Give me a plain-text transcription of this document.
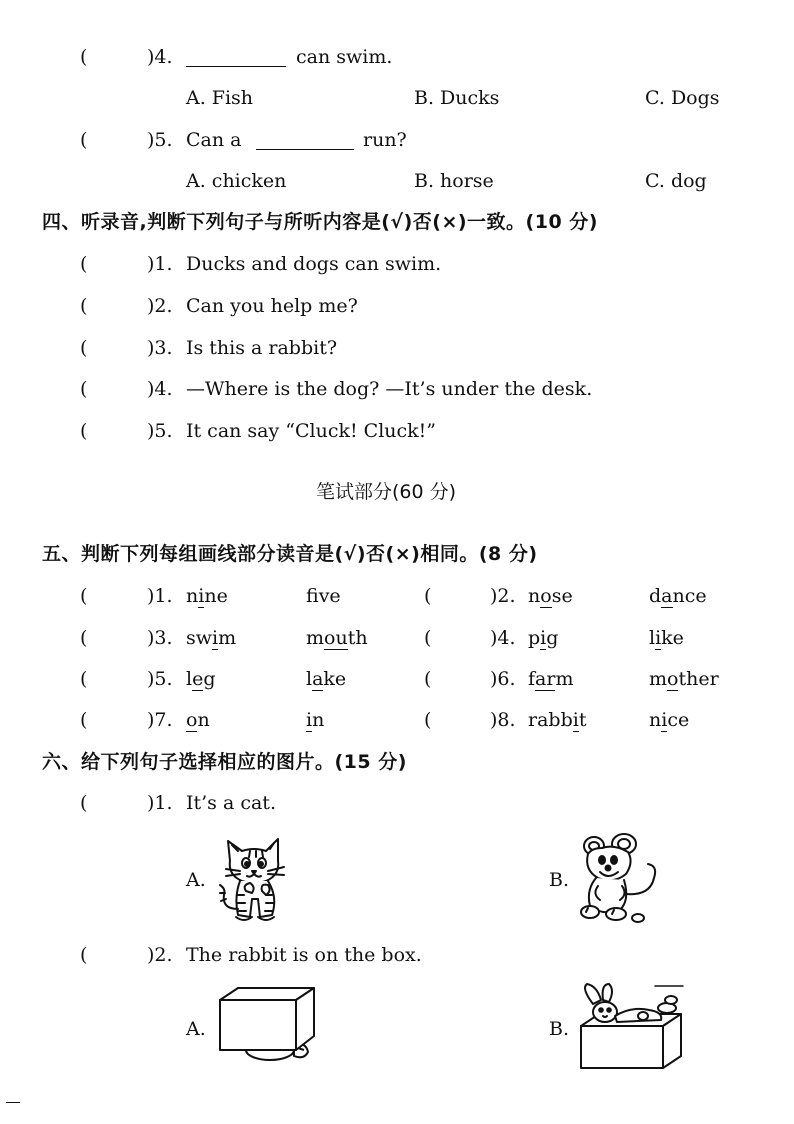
(	)4.	can swim.
A. Fish	B. Ducks	C. Dogs
(	)5. Can a	run?
A. chicken	B. horse	C. dog
四、听录音,判断下列句子与所听内容是(√)否(×)一致。(10 分)
(	)1. Ducks and dogs can swim.
(	)2. Can you help me?
(	)3. Is this a rabbit?
(	)4. —Where is the dog? —It’s under the desk.
(	)5. It can say “Cluck! Cluck!”
笔试部分(60 分)
五、判断下列每组画线部分读音是(√)否(×)相同。(8 分)
(	)1. nine	fve	(	)2. nose	dance
(	)3. swim	mouth	(	)4. pig	like
(	)5. leg	lake	(	)6. farm	mother
(	)7. on	in	(	)8. rabbit	nice
六、给下列句子选择相应的图片。(15 分)
(	)1. It’s a cat.
A.	B.
(	)2. The rabbit is on the box.
A.	B.
